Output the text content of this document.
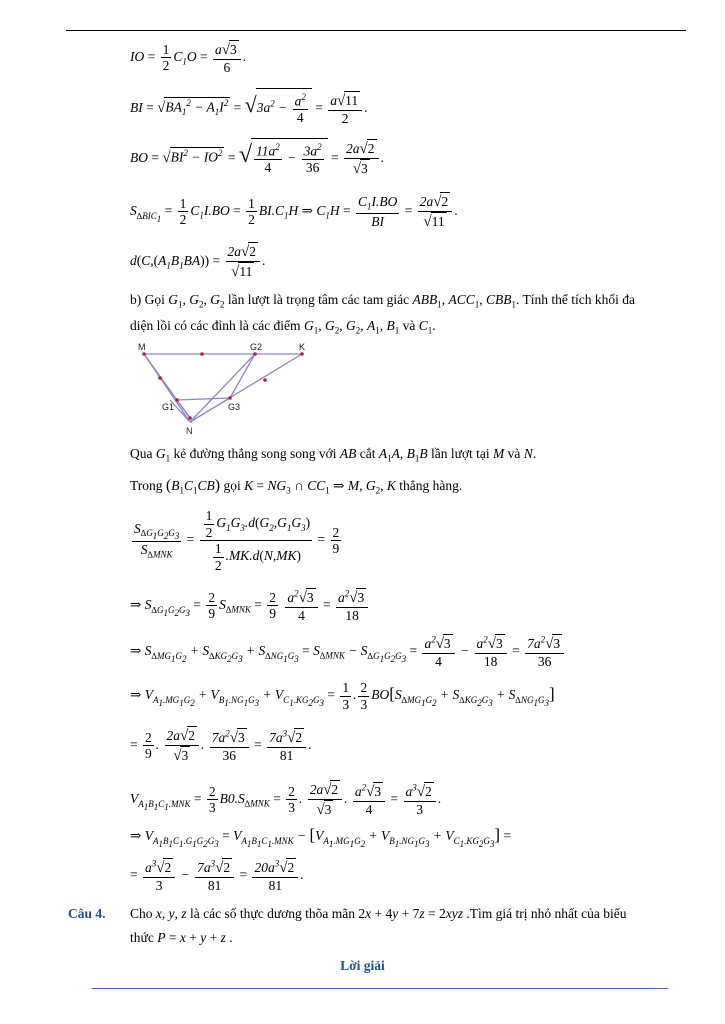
IO = $\frac{1}{2} C_1O = \frac{a√3}{6}$ .
BI = $√BA_1^2 - A_1I^2 = √3a^2 - \frac{a^2}{4} = \frac{a√11}{2}$ .
BO = $√BI^2 - IO^2$ = √ $\frac{11a^2}{4} - \frac{3a^2}{36} = \frac{2a√2}{√3}$ .
$S_{\Delta BIC_1} = \frac{1}{2} C_1I.BO = \frac{1}{2} BI.C_1H$ ⇒ $C_1H = \frac{C_1I.BO}{BI} = \frac{2a√2}{√11}$ .
$d(C,(A_1B_1BA)) = \frac{2a√2}{√11}$ .
b) Gọi $G_1$, $G_2$, $G_2$ lần lượt là trọng tâm các tam giác $ABB_1$, $ACC_1$, $CBB_1$. Tính thể tích khối đa
diện lồi có các đỉnh là các điểm $G_1$, $G_2$, $G_2$, $A_1$, $B_1$ và $C_1$.
M	G2	K
G1	G3
N
Qua $G_1$ kẻ đường thẳng song song với AB cắt $A_1A$, $B_1B$ lần lượt tại M và N.
Trong $(B_1C_1CB)$ gọi $K = NG_3$ ∩ $CC_1$ ⇒ M, $G_2$, K thẳng hàng.
$\frac{S_{\Delta G_1G_2G_3}}{S_{\Delta MNK}} = \frac{\frac{1}{2} G_1G_3.d(G_2,G_1G_3)}{\frac{1}{2} .MK.d(N,MK)} = \frac{2}{9}$
⇒ $S_{\Delta G_1G_2G_3} = \frac{2}{9} S_{\Delta MNK} = \frac{2}{9}$
$\frac{a^2√3}{4} = \frac{a^2√3}{18}$
⇒ $S_{\Delta MG_1G_2} + S_{\Delta KG_2G_3} + S_{\Delta NG_1G_3} = S_{\Delta MNK} - S_{\Delta G_1G_2G_3} = \frac{a^2√3}{4} - \frac{a^2√3}{18} = \frac{7a^2√3}{36}$
⇒ $V_{A_1.MG_1G_2} + V_{B_1.NG_1G_3} + V_{C_1.KG_2G_3} = \frac{1}{3}$ . $\frac{2}{3} BO[S_{\Delta MG_1G_2} + S_{\Delta KG_2G_3} + S_{\Delta NG_1G_3}]$
= $\frac{2}{9}$ . $\frac{2a√2}{√3}$ . $\frac{7a^2√3}{36} = \frac{7a^3√2}{81}$ .
$V_{A_1B_1C_1.MNK} = \frac{2}{3} B0.S_{\Delta MNK} = \frac{2}{3}$ . $\frac{2a√2}{√3}$ . $\frac{a^2√3}{4} = \frac{a^3√2}{3}$ .
⇒ $V_{A_1B_1C_1.G_1G_2G_3} = V_{A_1B_1C_1.MNK} - [V_{A_1.MG_1G_2} + V_{B_1.NG_1G_3} + V_{C_1.KG_2G_3}]$ =
= $\frac{a^3√2}{3} - \frac{7a^3√2}{81} = \frac{20a^3√2}{81}$ .
Câu 4. Cho x, y, z là các số thực dương thõa mãn 2x + 4y + 7z = 2xyz .Tìm giá trị nhỏ nhất của biểu
thức P = x + y + z .
Lời giải
